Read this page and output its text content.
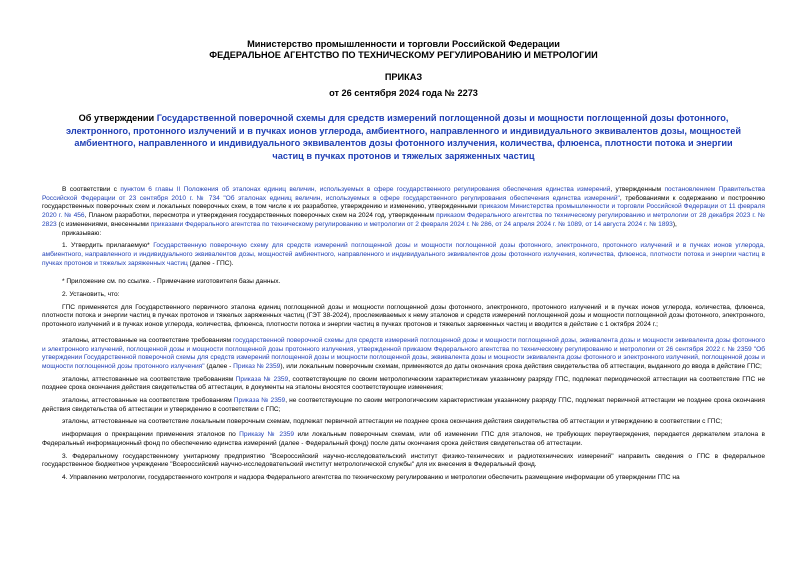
Министерство промышленности и торговли Российской Федерации
ФЕДЕРАЛЬНОЕ АГЕНТСТВО ПО ТЕХНИЧЕСКОМУ РЕГУЛИРОВАНИЮ И МЕТРОЛОГИИ
ПРИКАЗ
от 26 сентября 2024 года № 2273
Об утверждении Государственной поверочной схемы для средств измерений поглощенной дозы и мощности поглощенной дозы фотонного, электронного, протонного излучений и в пучках ионов углерода, амбиентного, направленного и индивидуального эквивалентов дозы, мощностей амбиентного, направленного и индивидуального эквивалентов дозы фотонного излучения, количества, флюенса, плотности потока и энергии частиц в пучках протонов и тяжелых заряженных частиц

В соответствии с пунктом 6 главы II Положения об эталонах единиц величин, используемых в сфере государственного регулирования обеспечения единства измерений, утвержденным постановлением Правительства Российской Федерации от 23 сентября 2010 г. № 734 "Об эталонах единиц величин, используемых в сфере государственного регулирования обеспечения единства измерений", требованиями к содержанию и построению государственных поверочных схем и локальных поверочных схем, в том числе к их разработке, утверждению и изменению, утвержденными приказом Министерства промышленности и торговли Российской Федерации от 11 февраля 2020 г. № 456, Планом разработки, пересмотра и утверждения государственных поверочных схем на 2024 год, утвержденным приказом Федерального агентства по техническому регулированию и метрологии от 28 декабря 2023 г. № 2823 (с изменениями, внесенными приказами Федерального агентства по техническому регулированию и метрологии от 2 февраля 2024 г. № 286, от 24 апреля 2024 г. № 1089, от 14 августа 2024 г. № 1893),

приказываю:

1. Утвердить прилагаемую* Государственную поверочную схему для средств измерений поглощенной дозы и мощности поглощенной дозы фотонного, электронного, протонного излучений и в пучках ионов углерода, амбиентного, направленного и индивидуального эквивалентов дозы, мощностей амбиентного, направленного и индивидуального эквивалентов дозы фотонного излучения, количества, флюенса, плотности потока и энергии частиц в пучках протонов и тяжелых заряженных частиц (далее - ГПС).

* Приложение см. по ссылке. - Примечание изготовителя базы данных.

2. Установить, что:

ГПС применяется для Государственного первичного эталона единиц поглощенной дозы и мощности поглощенной дозы фотонного, электронного, протонного излучений и в пучках ионов углерода, количества, флюенса, плотности потока и энергии частиц в пучках протонов и тяжелых заряженных частиц (ГЭТ 38-2024), прослеживаемых к нему эталонов и средств измерений поглощенной дозы и мощности поглощенной дозы фотонного, электронного, протонного излучений и в пучках ионов углерода, количества, флюенса, плотности потока и энергии частиц в пучках протонов и тяжелых заряженных частиц и вводится в действие с 1 октября 2024 г.;

эталоны, аттестованные на соответствие требованиям государственной поверочной схемы для средств измерений поглощенной дозы и мощности поглощенной дозы, эквивалента дозы и мощности эквивалента дозы фотонного и электронного излучений, поглощенной дозы и мощности поглощенной дозы протонного излучения, утвержденной приказом Федерального агентства по техническому регулированию и метрологии от 26 сентября 2022 г. № 2359 "Об утверждении Государственной поверочной схемы для средств измерений поглощенной дозы и мощности поглощенной дозы, эквивалента дозы и мощности эквивалента дозы фотонного и электронного излучений, поглощенной дозы и мощности поглощенной дозы протонного излучения" (далее - Приказ № 2359), или локальным поверочным схемам, применяются до даты окончания срока действия свидетельства об аттестации, выданного до ввода в действие ГПС;

эталоны, аттестованные на соответствие требованиям Приказа № 2359, соответствующие по своим метрологическим характеристикам указанному разряду ГПС, подлежат периодической аттестации на соответствие ГПС не позднее срока окончания действия свидетельства об аттестации, в документы на эталоны вносятся соответствующие изменения;

эталоны, аттестованные на соответствие требованиям Приказа № 2359, не соответствующие по своим метрологическим характеристикам указанному разряду ГПС, подлежат первичной аттестации не позднее срока окончания действия свидетельства об аттестации и утверждению в соответствии с ГПС;

эталоны, аттестованные на соответствие локальным поверочным схемам, подлежат первичной аттестации не позднее срока окончания действия свидетельства об аттестации и утверждению в соответствии с ГПС;

информация о прекращении применения эталонов по Приказу № 2359 или локальным поверочным схемам, или об изменении ГПС для эталонов, не требующих переутверждения, передается держателем эталона в Федеральный информационный фонд по обеспечению единства измерений (далее - Федеральный фонд) после даты окончания срока действия свидетельства об аттестации.

3. Федеральному государственному унитарному предприятию "Всероссийский научно-исследовательский институт физико-технических и радиотехнических измерений" направить сведения о ГПС в федеральное государственное бюджетное учреждение "Всероссийский научно-исследовательский институт метрологической службы" для их внесения в Федеральный фонд.

4. Управлению метрологии, государственного контроля и надзора Федерального агентства по техническому регулированию и метрологии обеспечить размещение информации об утверждении ГПС на
